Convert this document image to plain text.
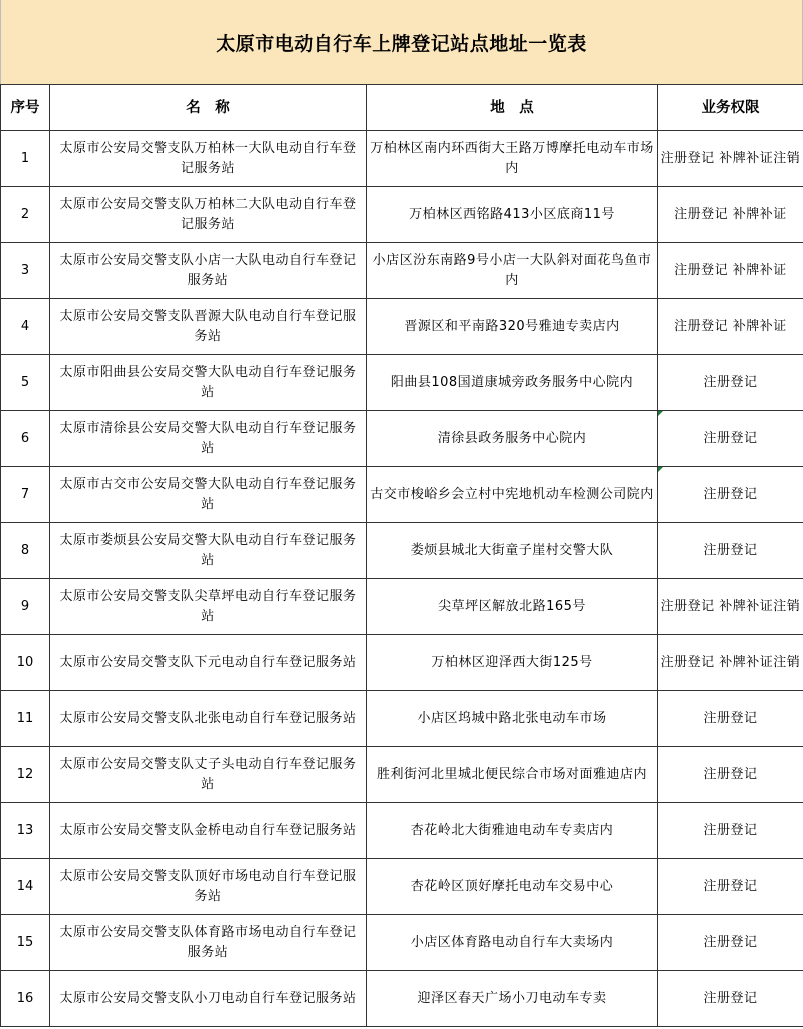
太原市电动自行车上牌登记站点地址一览表
序号	名　称	地　点	业务权限
1	太原市公安局交警支队万柏林一大队电动自行车登记服务站	万柏林区南内环西街大王路万博摩托电动车市场内	注册登记 补牌补证注销
2	太原市公安局交警支队万柏林二大队电动自行车登记服务站	万柏林区西铭路413小区底商11号	注册登记 补牌补证
3	太原市公安局交警支队小店一大队电动自行车登记服务站	小店区汾东南路9号小店一大队斜对面花鸟鱼市内	注册登记 补牌补证
4	太原市公安局交警支队晋源大队电动自行车登记服务站	晋源区和平南路320号雅迪专卖店内	注册登记 补牌补证
5	太原市阳曲县公安局交警大队电动自行车登记服务站	阳曲县108国道康城旁政务服务中心院内	注册登记
6	太原市清徐县公安局交警大队电动自行车登记服务站	清徐县政务服务中心院内	注册登记
7	太原市古交市公安局交警大队电动自行车登记服务站	古交市梭峪乡会立村中宪地机动车检测公司院内	注册登记
8	太原市娄烦县公安局交警大队电动自行车登记服务站	娄烦县城北大街童子崖村交警大队	注册登记
9	太原市公安局交警支队尖草坪电动自行车登记服务站	尖草坪区解放北路165号	注册登记 补牌补证注销
10	太原市公安局交警支队下元电动自行车登记服务站	万柏林区迎泽西大街125号	注册登记 补牌补证注销
11	太原市公安局交警支队北张电动自行车登记服务站	小店区坞城中路北张电动车市场	注册登记
12	太原市公安局交警支队丈子头电动自行车登记服务站	胜利街河北里城北便民综合市场对面雅迪店内	注册登记
13	太原市公安局交警支队金桥电动自行车登记服务站	杏花岭北大街雅迪电动车专卖店内	注册登记
14	太原市公安局交警支队顶好市场电动自行车登记服务站	杏花岭区顶好摩托电动车交易中心	注册登记
15	太原市公安局交警支队体育路市场电动自行车登记服务站	小店区体育路电动自行车大卖场内	注册登记
16	太原市公安局交警支队小刀电动自行车登记服务站	迎泽区春天广场小刀电动车专卖	注册登记
